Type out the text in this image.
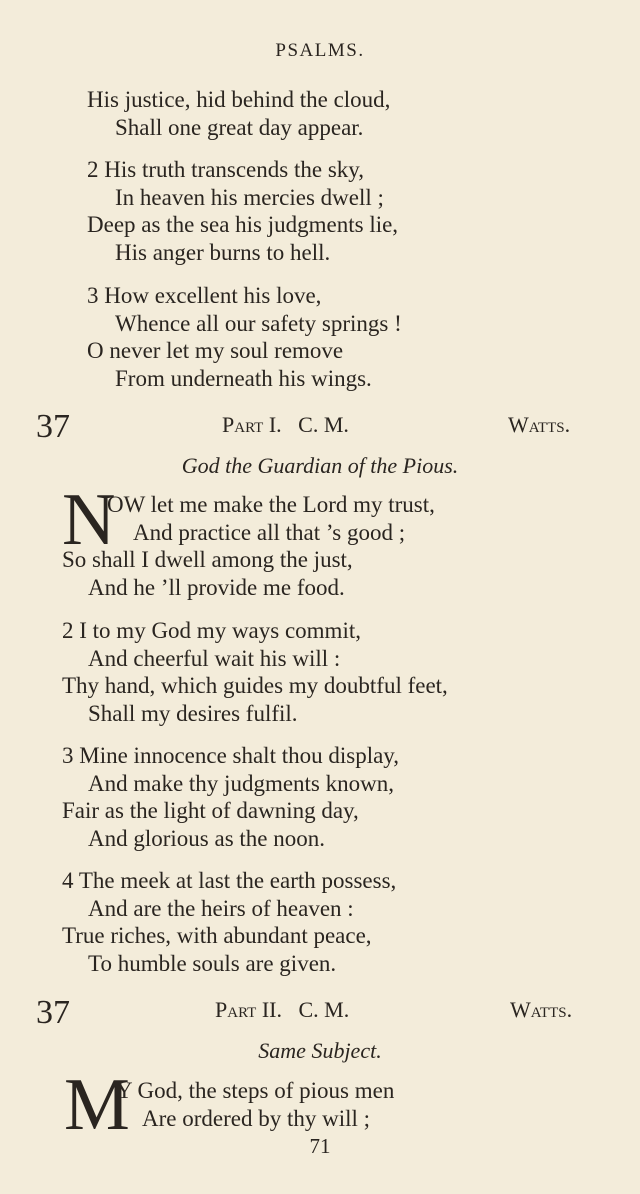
PSALMS.
His justice, hid behind the cloud,
Shall one great day appear.
2 His truth transcends the sky,
In heaven his mercies dwell ;
Deep as the sea his judgments lie,
His anger burns to hell.
3 How excellent his love,
Whence all our safety springs !
O never let my soul remove
From underneath his wings.
37	Part I. C. M.	Watts.
God the Guardian of the Pious.
N
OW let me make the Lord my trust,
And practice all that ’s good ;
So shall I dwell among the just,
And he ’ll provide me food.
2 I to my God my ways commit,
And cheerful wait his will :
Thy hand, which guides my doubtful feet,
Shall my desires fulfil.
3 Mine innocence shalt thou display,
And make thy judgments known,
Fair as the light of dawning day,
And glorious as the noon.
4 The meek at last the earth possess,
And are the heirs of heaven :
True riches, with abundant peace,
To humble souls are given.
37	Part II. C. M.	Watts.
Same Subject.
M
Y God, the steps of pious men
Are ordered by thy will ;
71
